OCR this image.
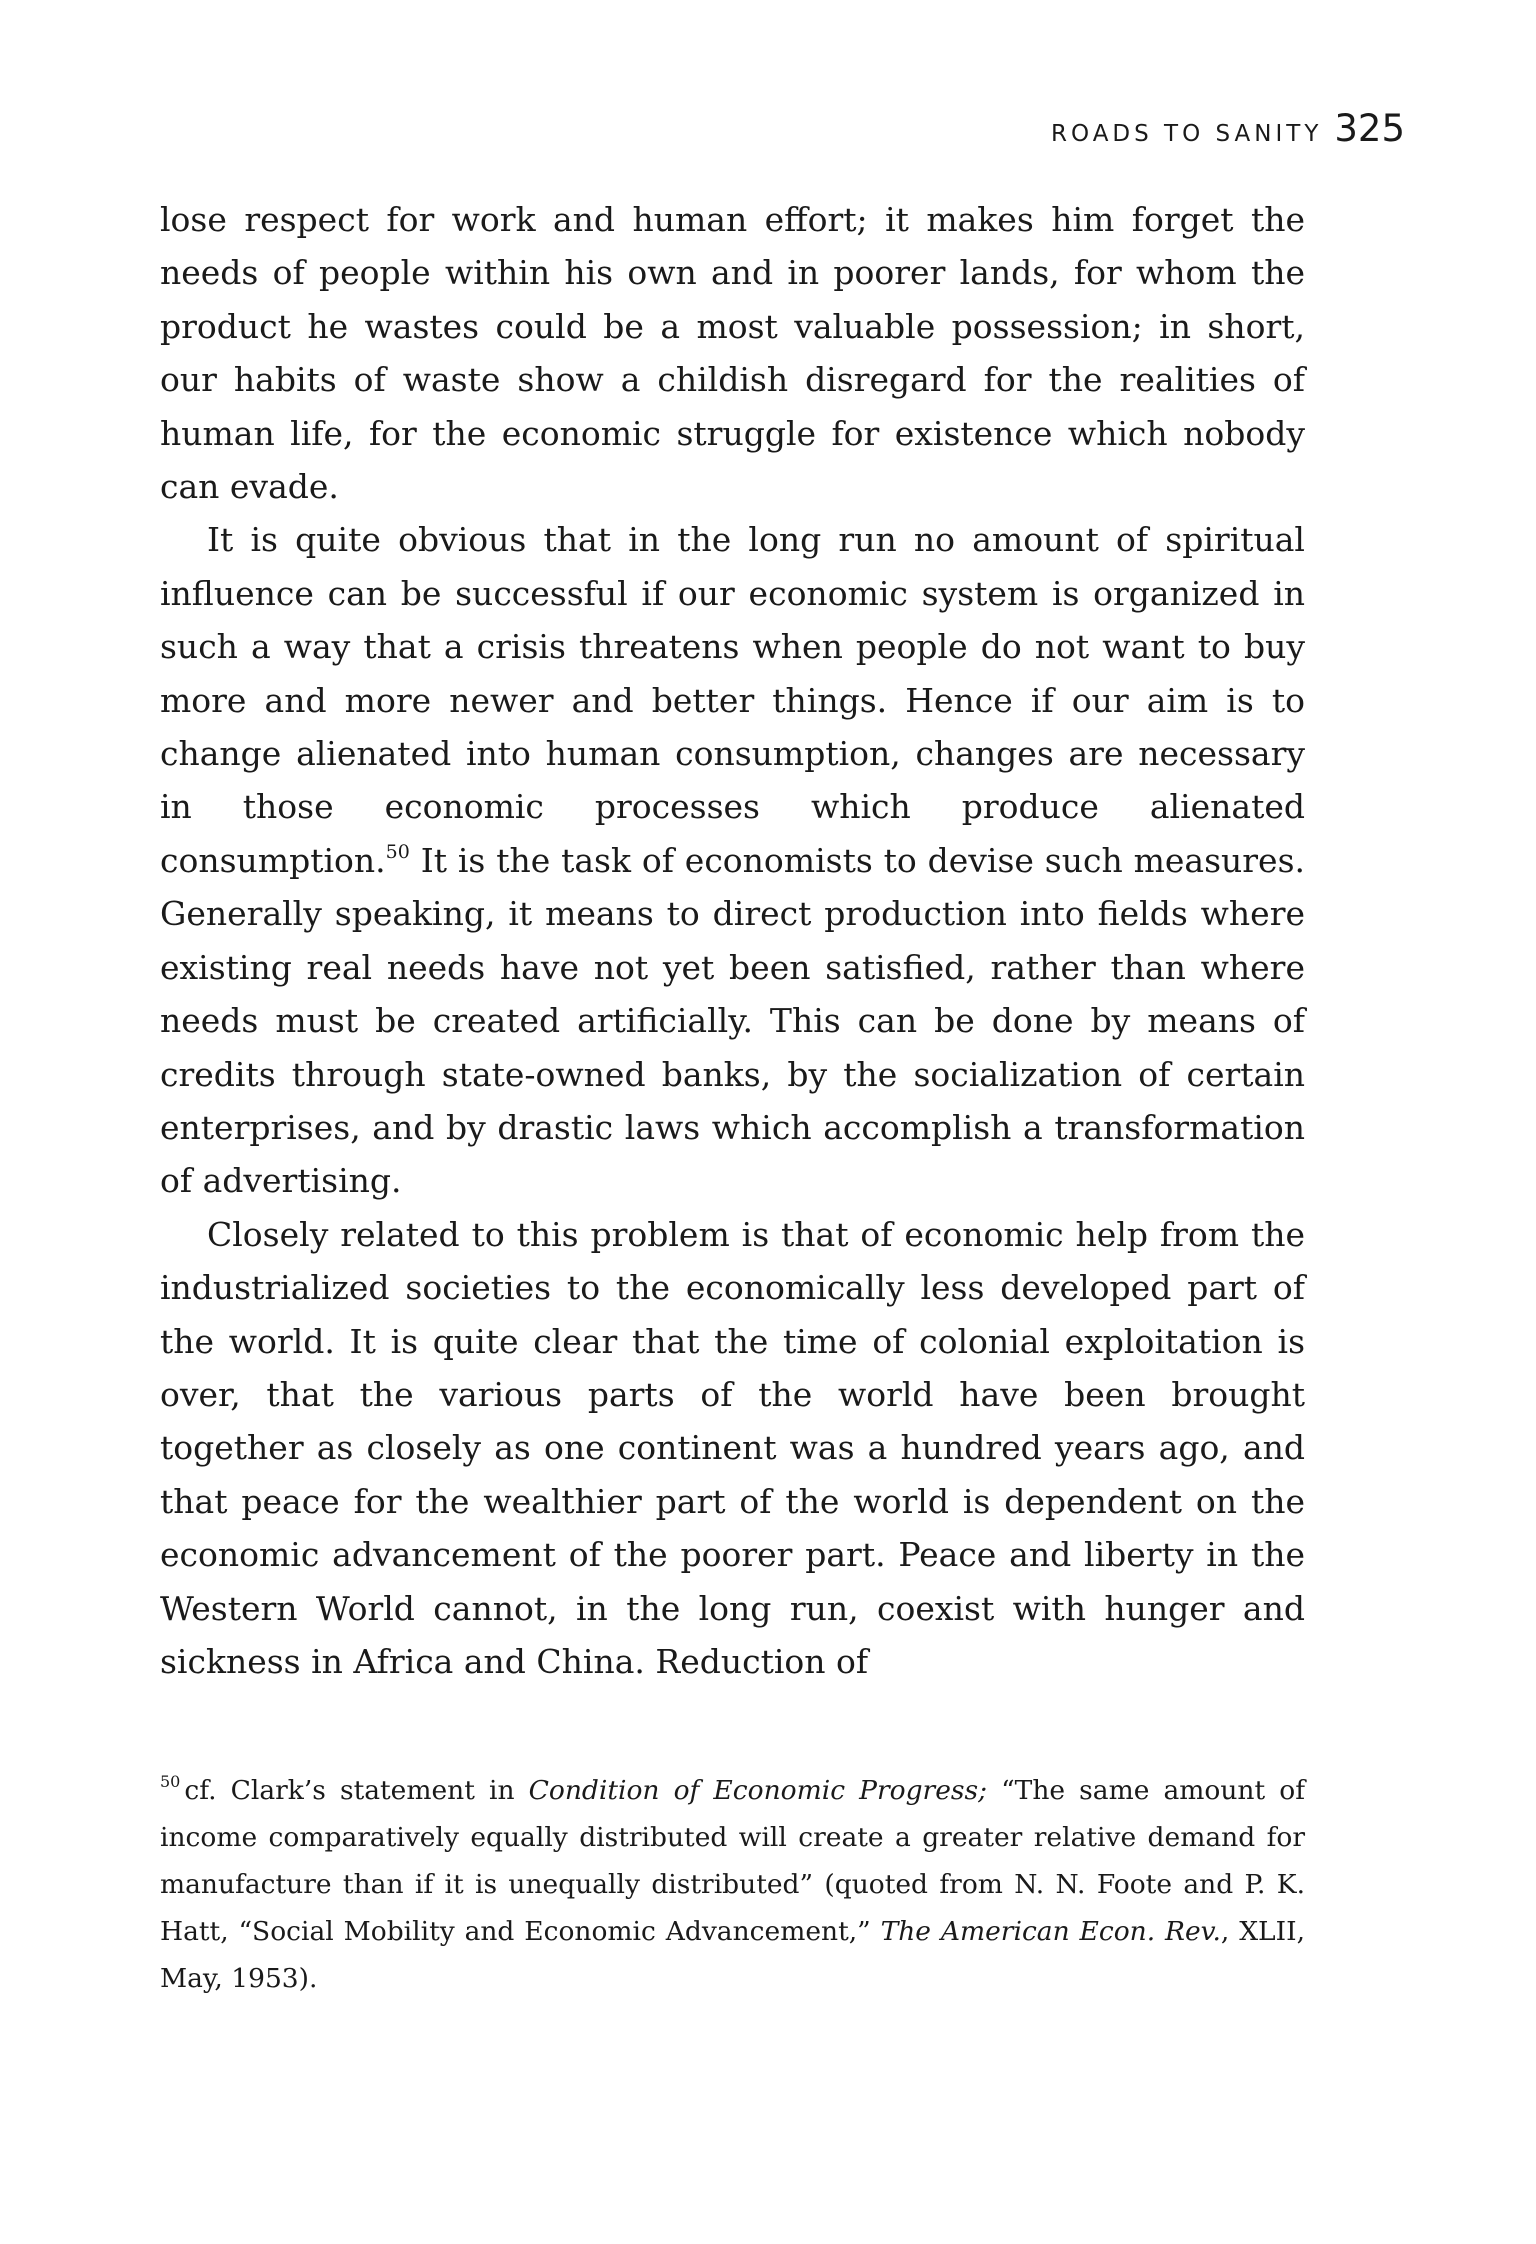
ROADS TO SANITY 325

lose respect for work and human effort; it makes him forget the needs of people within his own and in poorer lands, for whom the product he wastes could be a most valuable possession; in short, our habits of waste show a childish disregard for the realities of human life, for the economic struggle for existence which nobody can evade.

It is quite obvious that in the long run no amount of spiritual influence can be successful if our economic system is organized in such a way that a crisis threatens when people do not want to buy more and more newer and better things. Hence if our aim is to change alienated into human consumption, changes are necessary in those economic processes which produce alienated consumption.$^{50}$ It is the task of economists to devise such measures. Generally speaking, it means to direct production into fields where existing real needs have not yet been satisfied, rather than where needs must be created artificially. This can be done by means of credits through state-owned banks, by the socialization of certain enterprises, and by drastic laws which accomplish a transformation of advertising.

Closely related to this problem is that of economic help from the industrialized societies to the economically less developed part of the world. It is quite clear that the time of colonial exploitation is over, that the various parts of the world have been brought together as closely as one continent was a hundred years ago, and that peace for the wealthier part of the world is dependent on the economic advancement of the poorer part. Peace and liberty in the Western World cannot, in the long run, coexist with hunger and sickness in Africa and China. Reduction of

$^{50}$ cf. Clark’s statement in Condition of Economic Progress; “The same amount of income comparatively equally distributed will create a greater relative demand for manufacture than if it is unequally distributed” (quoted from N. N. Foote and P. K. Hatt, “Social Mobility and Economic Advancement,” The American Econ. Rev., XLII, May, 1953).
